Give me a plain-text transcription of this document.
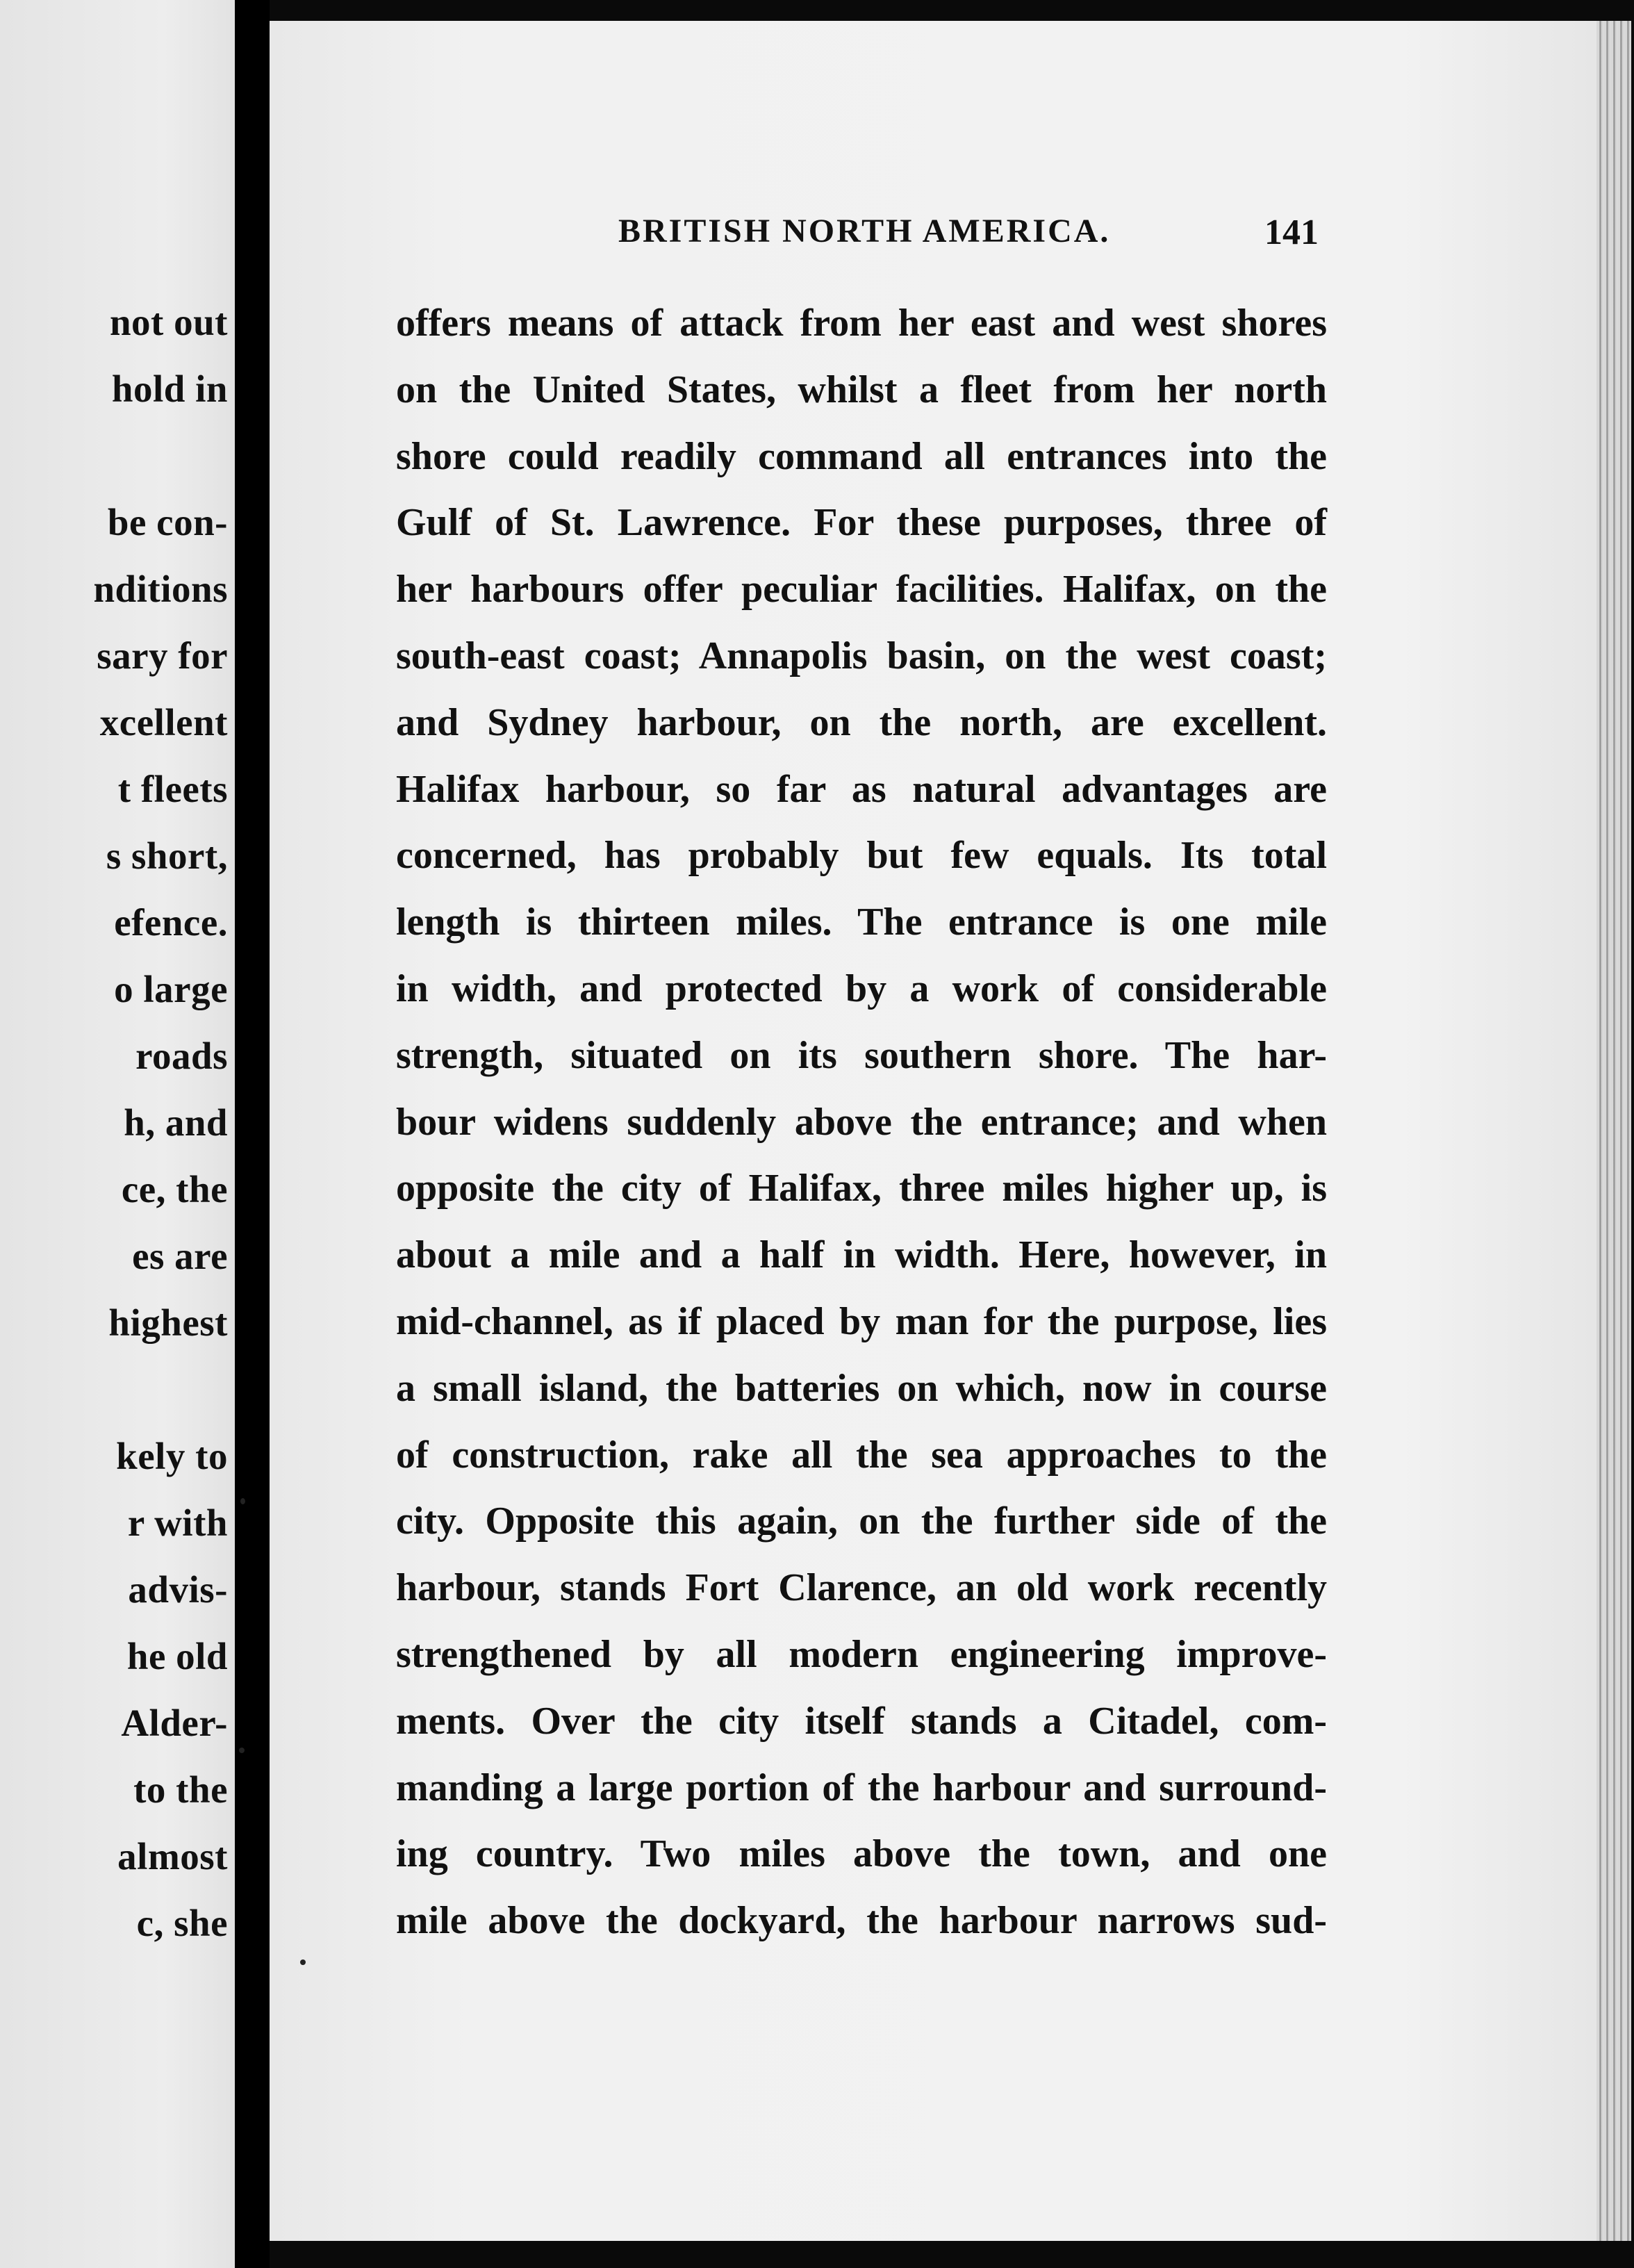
not out
hold in
be con-
nditions
sary for
xcellent
t fleets
s short,
efence.
o large
roads
h, and
ce, the
es are
highest
kely to
r with
advis-
he old
Alder-
to the
almost
c, she
BRITISH NORTH AMERICA.	141
offers means of attack from her east and west shores
on the United States, whilst a fleet from her north
shore could readily command all entrances into the
Gulf of St. Lawrence. For these purposes, three of
her harbours offer peculiar facilities. Halifax, on the
south-east coast; Annapolis basin, on the west coast;
and Sydney harbour, on the north, are excellent.
Halifax harbour, so far as natural advantages are
concerned, has probably but few equals. Its total
length is thirteen miles. The entrance is one mile
in width, and protected by a work of considerable
strength, situated on its southern shore. The har-
bour widens suddenly above the entrance; and when
opposite the city of Halifax, three miles higher up, is
about a mile and a half in width. Here, however, in
mid-channel, as if placed by man for the purpose, lies
a small island, the batteries on which, now in course
of construction, rake all the sea approaches to the
city. Opposite this again, on the further side of the
harbour, stands Fort Clarence, an old work recently
strengthened by all modern engineering improve-
ments. Over the city itself stands a Citadel, com-
manding a large portion of the harbour and surround-
ing country. Two miles above the town, and one
mile above the dockyard, the harbour narrows sud-
